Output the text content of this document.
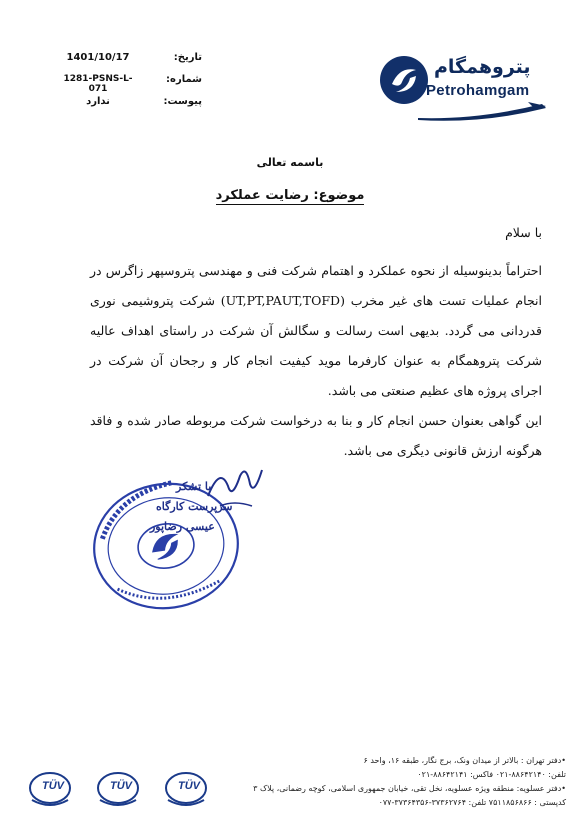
تاریخ:
1401/10/17
شماره:
1281-PSNS-L-071
پیوست:
ندارد
پتروهمگام
Petrohamgam
باسمه تعالی
موضوع: رضایت عملکرد
با سلام

احتراماً بدینوسیله از نحوه عملکرد و اهتمام شرکت فنی و مهندسی پتروسپهر زاگرس در انجام عملیات تست های غیر مخرب (UT,PT,PAUT,TOFD) شرکت پتروشیمی نوری قدردانی می گردد. بدیهی است رسالت و سگالش آن شرکت در راستای اهداف عالیه شرکت پتروهمگام به عنوان کارفرما موید کیفیت انجام کار و رجحان آن شرکت در اجرای پروژه های عظیم صنعتی می باشد.

این گواهی بعنوان حسن انجام کار و بنا به درخواست شرکت مربوطه صادر شده و فاقد هرگونه ارزش قانونی دیگری می باشد.

با تشکر
سرپرست کارگاه
عیسی رضاپور
•دفتر تهران : بالاتر از میدان ونک، برج نگار، طبقه ۱۶، واحد ۶
تلفن: ۸۸۶۴۲۱۴۰-۰۲۱ فاکس: ۸۸۶۴۲۱۴۱-۰۲۱
•دفتر عسلویه: منطقه ویژه عسلویه، نخل تقی، خیابان جمهوری اسلامی، کوچه رضمانی، پلاک ۳
کدپستی : ۷۵۱۱۸۵۶۸۶۶ تلفن: ۳۷۳۶۲۷۶۴-۳۷۳۶۴۳۵۶-۰۷۷
TÜV	TÜV	TÜV
